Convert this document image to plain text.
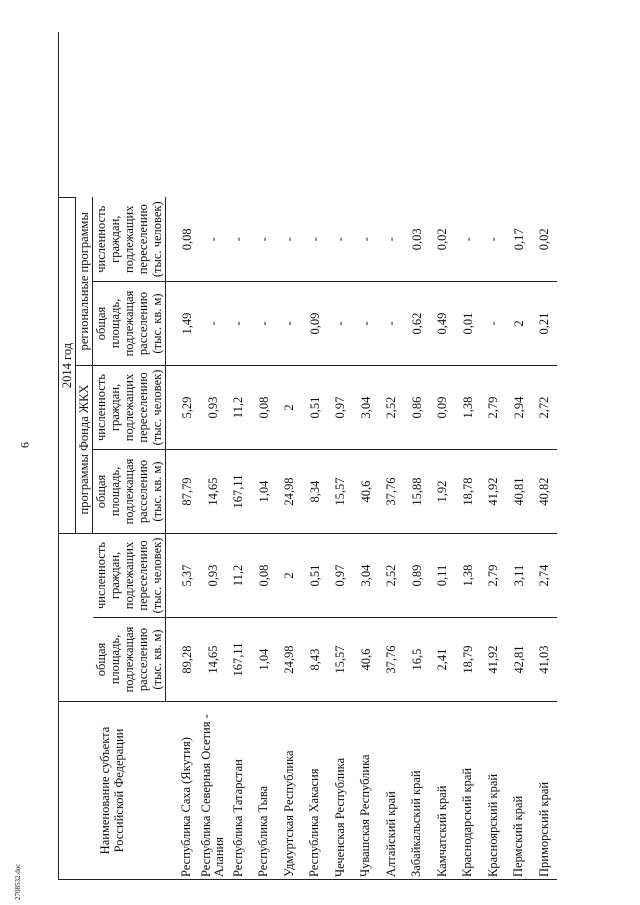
9
2708532.doc
Наименование субъекта Российской Федерации			2014 год				
			программы Фонда ЖКХ		региональные программы		
	общая площадь, подлежащая расселению (тыс. кв. м)	численность граждан, подлежащих переселению (тыс. человек)	общая площадь, подлежащая расселению (тыс. кв. м)	численность граждан, подлежащих переселению (тыс. человек)	общая площадь, подлежащая расселению (тыс. кв. м)	численность граждан, подлежащих переселению (тыс. человек)	
Республика Саха (Якутия)	89,28	5,37	87,79	5,29	1,49	0,08	
Республика Северная Осетия - Алания	14,65	0,93	14,65	0,93	-	-	
Республика Татарстан	167,11	11,2	167,11	11,2	-	-	
Республика Тыва	1,04	0,08	1,04	0,08	-	-	
Удмуртская Республика	24,98	2	24,98	2	-	-	
Республика Хакасия	8,43	0,51	8,34	0,51	0,09	-	
Чеченская Республика	15,57	0,97	15,57	0,97	-	-	
Чувашская Республика	40,6	3,04	40,6	3,04	-	-	
Алтайский край	37,76	2,52	37,76	2,52	-	-	
Забайкальский край	16,5	0,89	15,88	0,86	0,62	0,03	
Камчатский край	2,41	0,11	1,92	0,09	0,49	0,02	
Краснодарский край	18,79	1,38	18,78	1,38	0,01	-	
Красноярский край	41,92	2,79	41,92	2,79	-	-	
Пермский край	42,81	3,11	40,81	2,94	2	0,17	
Приморский край	41,03	2,74	40,82	2,72	0,21	0,02	
